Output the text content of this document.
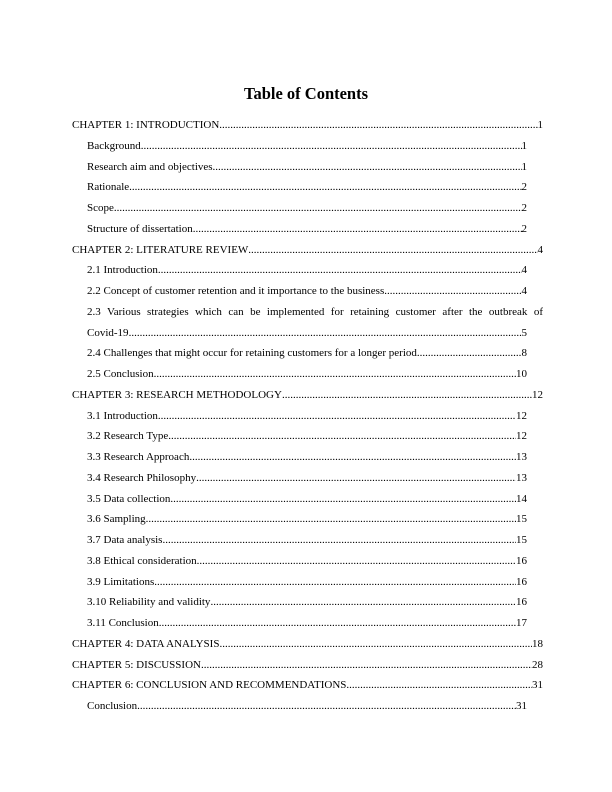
Table of Contents
CHAPTER 1: INTRODUCTION .....	1
Background .....	1
Research aim and objectives .....	1
Rationale .....	2
Scope .....	2
Structure of dissertation .....	2
CHAPTER 2: LITERATURE REVIEW .....	4
2.1 Introduction .....	4
2.2 Concept of customer retention and it importance to the business .....	4
2.3 Various strategies which can be implemented for retaining customer after the outbreak of
Covid-19 .....	5
2.4 Challenges that might occur for retaining customers for a longer period .....	8
2.5 Conclusion .....	10
CHAPTER 3: RESEARCH METHODOLOGY .....	12
3.1 Introduction .....	12
3.2 Research Type .....	12
3.3 Research Approach .....	13
3.4 Research Philosophy .....	13
3.5 Data collection .....	14
3.6 Sampling .....	15
3.7 Data analysis .....	15
3.8 Ethical consideration .....	16
3.9 Limitations .....	16
3.10 Reliability and validity .....	16
3.11 Conclusion .....	17
CHAPTER 4: DATA ANALYSIS .....	18
CHAPTER 5: DISCUSSION .....	28
CHAPTER 6: CONCLUSION AND RECOMMENDATIONS .....	31
Conclusion .....	31
